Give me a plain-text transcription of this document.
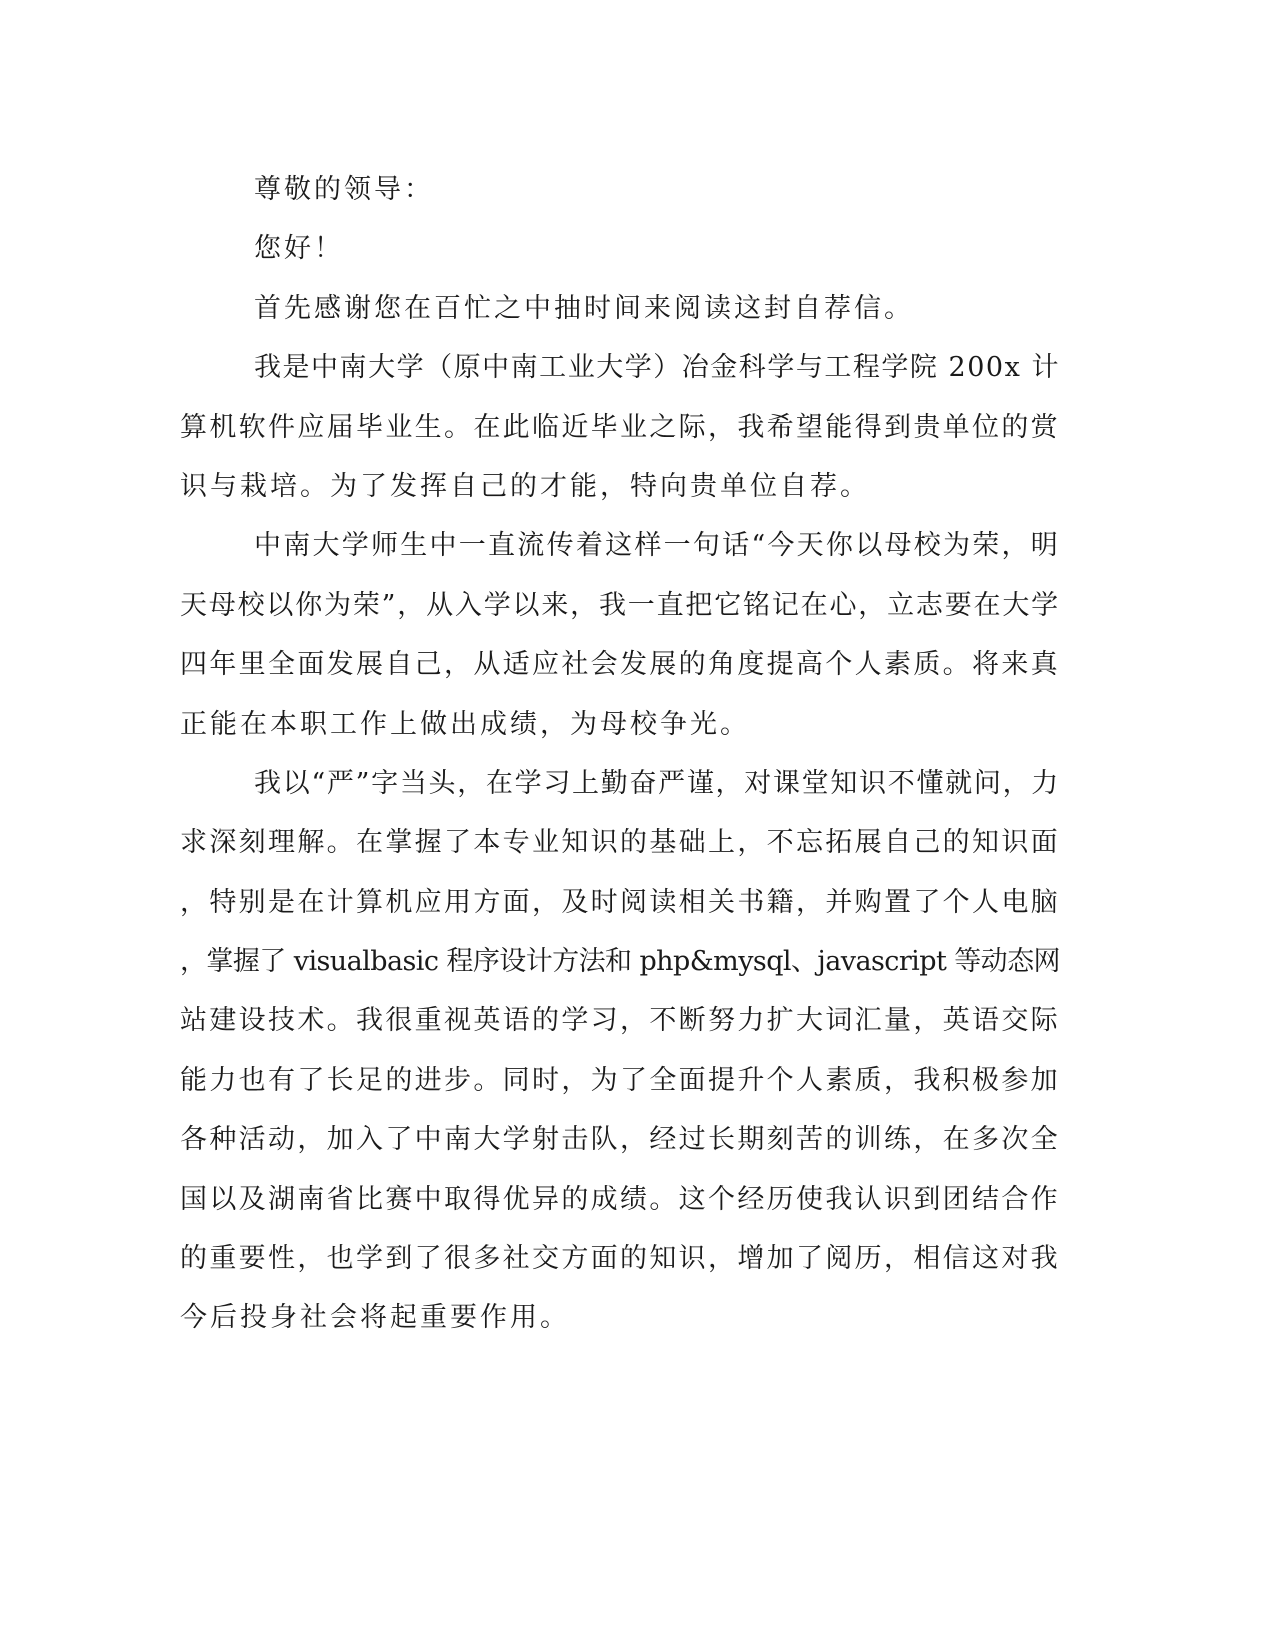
尊敬的领导：
您好！
首先感谢您在百忙之中抽时间来阅读这封自荐信。
我是中南大学（原中南工业大学）冶金科学与工程学院 200x 计
算机软件应届毕业生。在此临近毕业之际，我希望能得到贵单位的赏
识与栽培。为了发挥自己的才能，特向贵单位自荐。
中南大学师生中一直流传着这样一句话“今天你以母校为荣，明
天母校以你为荣”，从入学以来，我一直把它铭记在心，立志要在大学
四年里全面发展自己，从适应社会发展的角度提高个人素质。将来真
正能在本职工作上做出成绩，为母校争光。
我以“严”字当头，在学习上勤奋严谨，对课堂知识不懂就问，力
求深刻理解。在掌握了本专业知识的基础上，不忘拓展自己的知识面
，特别是在计算机应用方面，及时阅读相关书籍，并购置了个人电脑
，掌握了 visualbasic 程序设计方法和 php&mysql、javascript 等动态网
站建设技术。我很重视英语的学习，不断努力扩大词汇量，英语交际
能力也有了长足的进步。同时，为了全面提升个人素质，我积极参加
各种活动，加入了中南大学射击队，经过长期刻苦的训练，在多次全
国以及湖南省比赛中取得优异的成绩。这个经历使我认识到团结合作
的重要性，也学到了很多社交方面的知识，增加了阅历，相信这对我
今后投身社会将起重要作用。
